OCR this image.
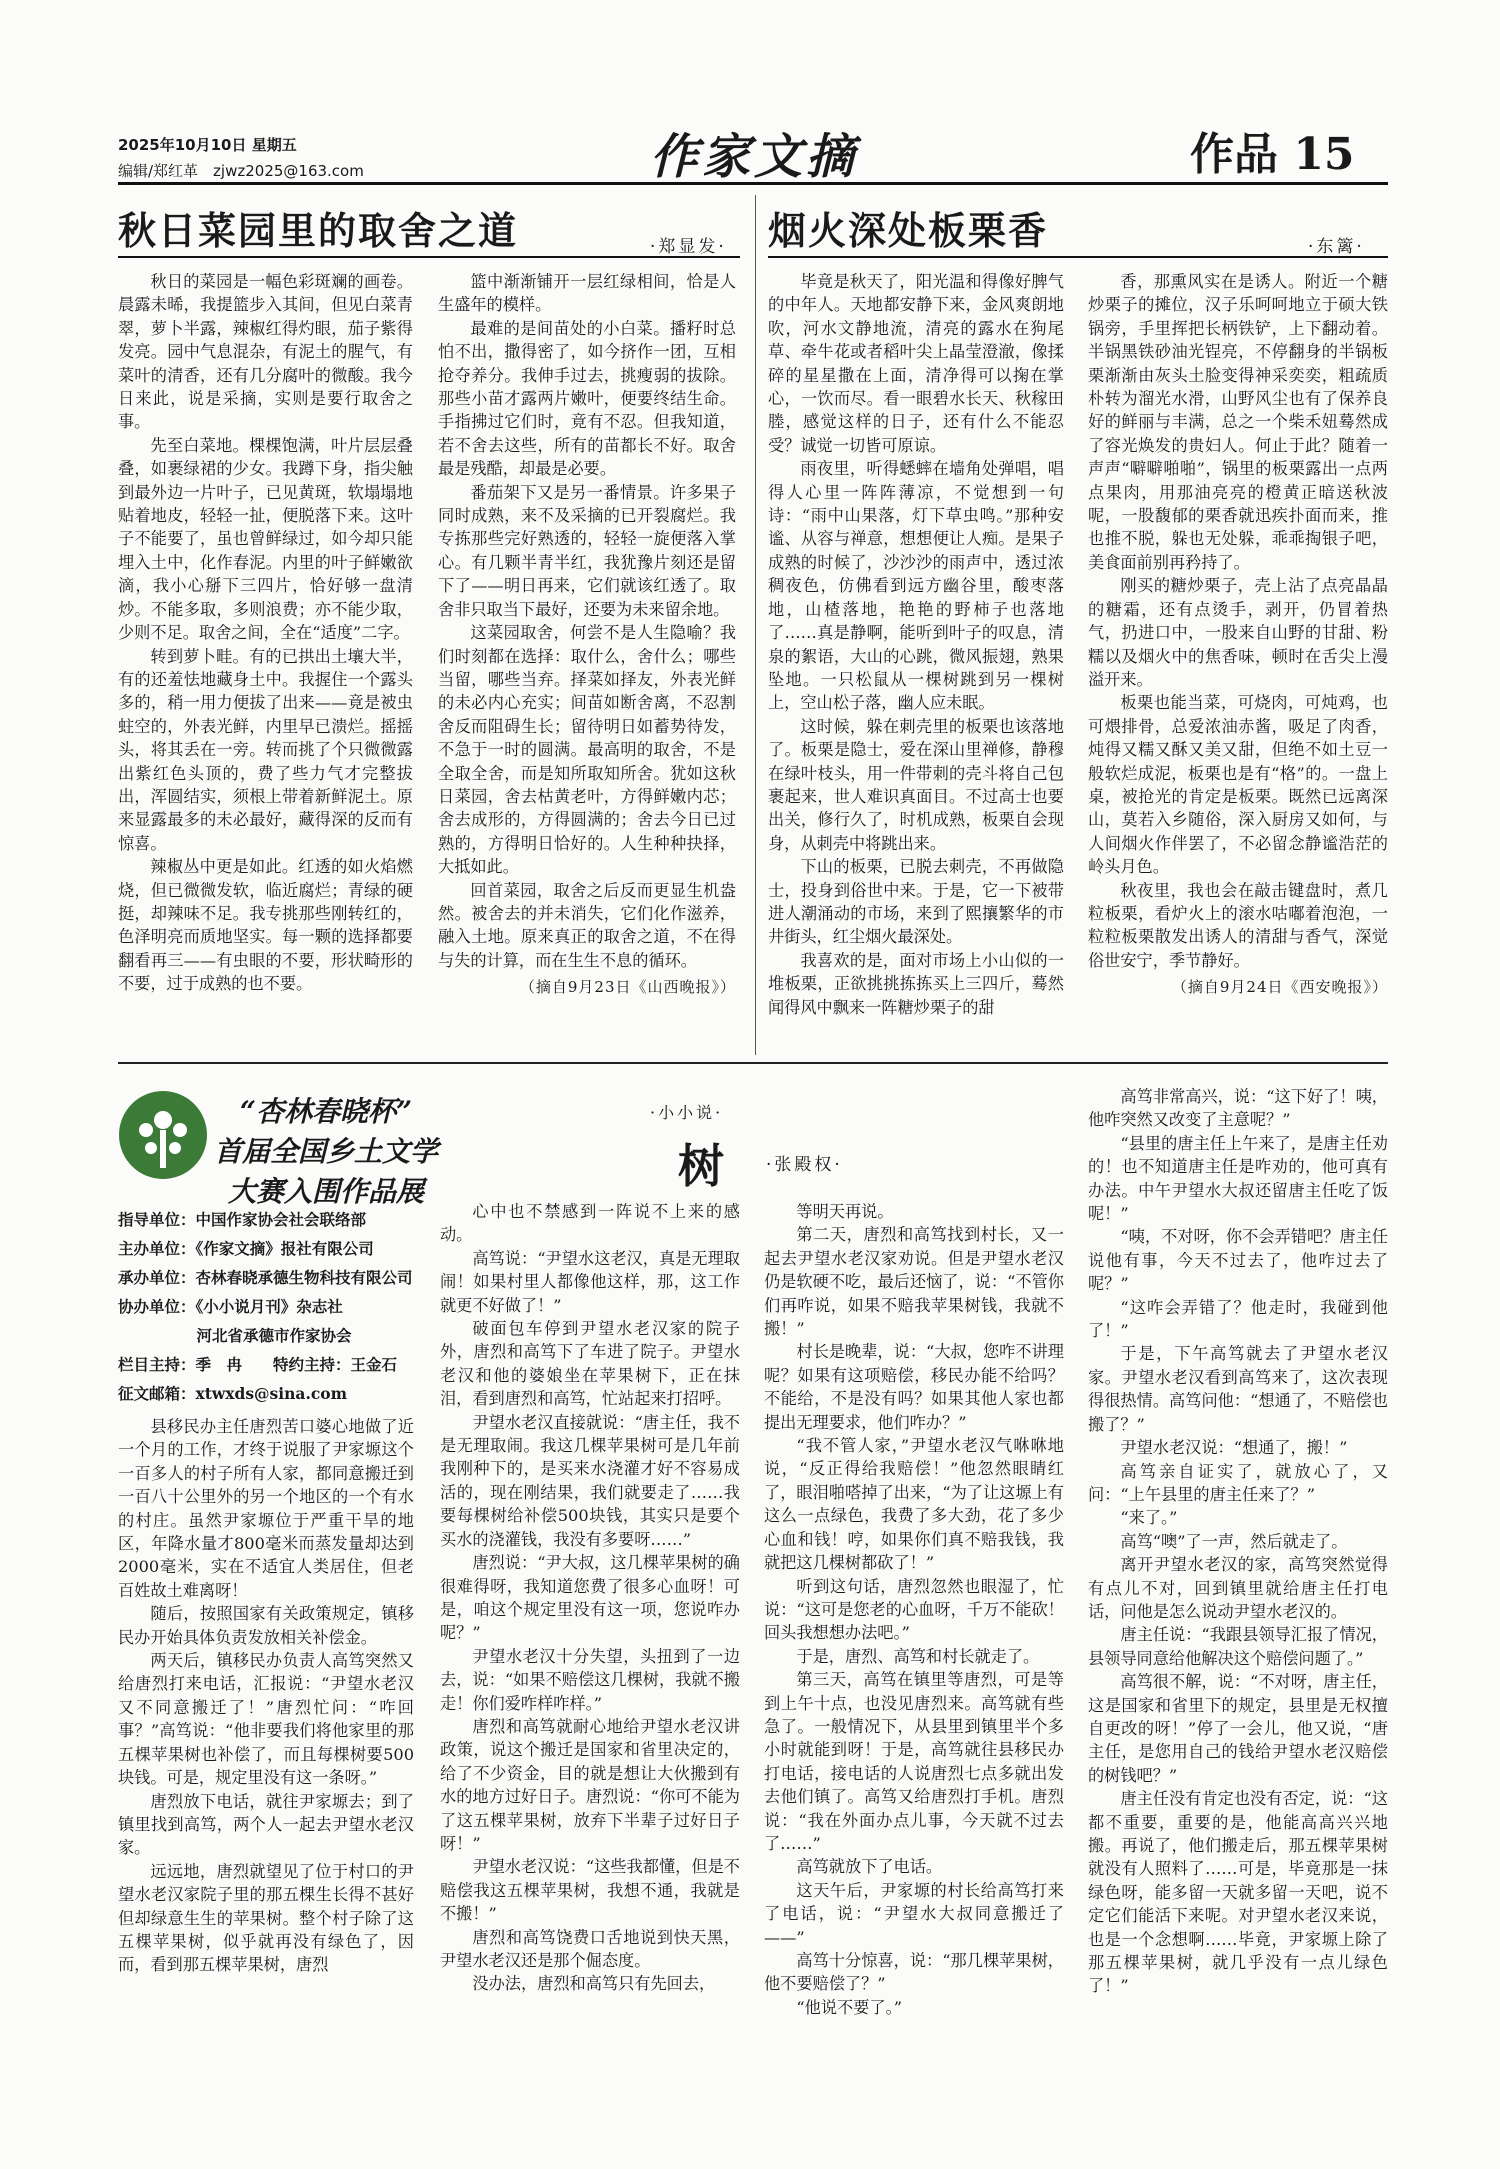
2025年10月10日 星期五
编辑/郑红革　zjwz2025@163.com	作家文摘	作品 15
秋日菜园里的取舍之道	·郑显发·

秋日的菜园是一幅色彩斑斓的画卷。晨露未晞，我提篮步入其间，但见白菜青翠，萝卜半露，辣椒红得灼眼，茄子紫得发亮。园中气息混杂，有泥土的腥气，有菜叶的清香，还有几分腐叶的微酸。我今日来此，说是采摘，实则是要行取舍之事。

先至白菜地。棵棵饱满，叶片层层叠叠，如裹绿裙的少女。我蹲下身，指尖触到最外边一片叶子，已见黄斑，软塌塌地贴着地皮，轻轻一扯，便脱落下来。这叶子不能要了，虽也曾鲜绿过，如今却只能埋入土中，化作春泥。内里的叶子鲜嫩欲滴，我小心掰下三四片，恰好够一盘清炒。不能多取，多则浪费；亦不能少取，少则不足。取舍之间，全在“适度”二字。

转到萝卜畦。有的已拱出土壤大半，有的还羞怯地藏身土中。我握住一个露头多的，稍一用力便拔了出来——竟是被虫蛀空的，外表光鲜，内里早已溃烂。摇摇头，将其丢在一旁。转而挑了个只微微露出紫红色头顶的，费了些力气才完整拔出，浑圆结实，须根上带着新鲜泥土。原来显露最多的未必最好，藏得深的反而有惊喜。

辣椒丛中更是如此。红透的如火焰燃烧，但已微微发软，临近腐烂；青绿的硬挺，却辣味不足。我专挑那些刚转红的，色泽明亮而质地坚实。每一颗的选择都要翻看再三——有虫眼的不要，形状畸形的不要，过于成熟的也不要。

篮中渐渐铺开一层红绿相间，恰是人生盛年的模样。

最难的是间苗处的小白菜。播籽时总怕不出，撒得密了，如今挤作一团，互相抢夺养分。我伸手过去，挑瘦弱的拔除。那些小苗才露两片嫩叶，便要终结生命。手指拂过它们时，竟有不忍。但我知道，若不舍去这些，所有的苗都长不好。取舍最是残酷，却最是必要。

番茄架下又是另一番情景。许多果子同时成熟，来不及采摘的已开裂腐烂。我专拣那些完好熟透的，轻轻一旋便落入掌心。有几颗半青半红，我犹豫片刻还是留下了——明日再来，它们就该红透了。取舍非只取当下最好，还要为未来留余地。

这菜园取舍，何尝不是人生隐喻？我们时刻都在选择：取什么，舍什么；哪些当留，哪些当弃。择菜如择友，外表光鲜的未必内心充实；间苗如断舍离，不忍割舍反而阻碍生长；留待明日如蓄势待发，不急于一时的圆满。最高明的取舍，不是全取全舍，而是知所取知所舍。犹如这秋日菜园，舍去枯黄老叶，方得鲜嫩内芯；舍去成形的，方得圆满的；舍去今日已过熟的，方得明日恰好的。人生种种抉择，大抵如此。

回首菜园，取舍之后反而更显生机盎然。被舍去的并未消失，它们化作滋养，融入土地。原来真正的取舍之道，不在得与失的计算，而在生生不息的循环。

（摘自9月23日《山西晚报》）
烟火深处板栗香	·东篱·

毕竟是秋天了，阳光温和得像好脾气的中年人。天地都安静下来，金风爽朗地吹，河水文静地流，清亮的露水在狗尾草、牵牛花或者稻叶尖上晶莹澄澈，像揉碎的星星撒在上面，清净得可以掬在掌心，一饮而尽。看一眼碧水长天、秋稼田塍，感觉这样的日子，还有什么不能忍受？诚觉一切皆可原谅。

雨夜里，听得蟋蟀在墙角处弹唱，唱得人心里一阵阵薄凉，不觉想到一句诗：“雨中山果落，灯下草虫鸣。”那种安谧、从容与禅意，想想便让人痴。是果子成熟的时候了，沙沙沙的雨声中，透过浓稠夜色，仿佛看到远方幽谷里，酸枣落地，山楂落地，艳艳的野柿子也落地了……真是静啊，能听到叶子的叹息，清泉的絮语，大山的心跳，微风振翅，熟果坠地。一只松鼠从一棵树跳到另一棵树上，空山松子落，幽人应未眠。

这时候，躲在刺壳里的板栗也该落地了。板栗是隐士，爱在深山里禅修，静穆在绿叶枝头，用一件带刺的壳斗将自己包裹起来，世人难识真面目。不过高士也要出关，修行久了，时机成熟，板栗自会现身，从刺壳中将跳出来。

下山的板栗，已脱去刺壳，不再做隐士，投身到俗世中来。于是，它一下被带进人潮涌动的市场，来到了熙攘繁华的市井街头，红尘烟火最深处。

我喜欢的是，面对市场上小山似的一堆板栗，正欲挑挑拣拣买上三四斤，蓦然闻得风中飘来一阵糖炒栗子的甜

香，那熏风实在是诱人。附近一个糖炒栗子的摊位，汉子乐呵呵地立于硕大铁锅旁，手里挥把长柄铁铲，上下翻动着。半锅黑铁砂油光锃亮，不停翻身的半锅板栗渐渐由灰头土脸变得神采奕奕，粗疏质朴转为溜光水滑，山野风尘也有了保养良好的鲜丽与丰满，总之一个柴禾妞蓦然成了容光焕发的贵妇人。何止于此？随着一声声“噼噼啪啪”，锅里的板栗露出一点两点果肉，用那油亮亮的橙黄正暗送秋波呢，一股馥郁的栗香就迅疾扑面而来，推也推不脱，躲也无处躲，乖乖掏银子吧，美食面前别再矜持了。

刚买的糖炒栗子，壳上沾了点亮晶晶的糖霜，还有点烫手，剥开，仍冒着热气，扔进口中，一股来自山野的甘甜、粉糯以及烟火中的焦香味，顿时在舌尖上漫溢开来。

板栗也能当菜，可烧肉，可炖鸡，也可煨排骨，总爱浓油赤酱，吸足了肉香，炖得又糯又酥又美又甜，但绝不如土豆一般软烂成泥，板栗也是有“格”的。一盘上桌，被抢光的肯定是板栗。既然已远离深山，莫若入乡随俗，深入厨房又如何，与人间烟火作伴罢了，不必留念静谧浩茫的岭头月色。

秋夜里，我也会在敲击键盘时，煮几粒板栗，看炉火上的滚水咕嘟着泡泡，一粒粒板栗散发出诱人的清甜与香气，深觉俗世安宁，季节静好。

（摘自9月24日《西安晚报》）
“杏林春晓杯”
首届全国乡土文学
大赛入围作品展
指导单位：中国作家协会社会联络部
主办单位：《作家文摘》报社有限公司
承办单位：杏林春晓承德生物科技有限公司
协办单位：《小小说月刊》杂志社
河北省承德市作家协会
栏目主持：季　冉　　特约主持：王金石
征文邮箱：xtwxds@sina.com
·小小说·
树 ·张殿权·

县移民办主任唐烈苦口婆心地做了近一个月的工作，才终于说服了尹家塬这个一百多人的村子所有人家，都同意搬迁到一百八十公里外的另一个地区的一个有水的村庄。虽然尹家塬位于严重干旱的地区，年降水量才800毫米而蒸发量却达到2000毫米，实在不适宜人类居住，但老百姓故土难离呀！

随后，按照国家有关政策规定，镇移民办开始具体负责发放相关补偿金。

两天后，镇移民办负责人高笃突然又给唐烈打来电话，汇报说：“尹望水老汉又不同意搬迁了！”唐烈忙问：“咋回事？”高笃说：“他非要我们将他家里的那五棵苹果树也补偿了，而且每棵树要500块钱。可是，规定里没有这一条呀。”

唐烈放下电话，就往尹家塬去；到了镇里找到高笃，两个人一起去尹望水老汉家。

远远地，唐烈就望见了位于村口的尹望水老汉家院子里的那五棵生长得不甚好但却绿意生生的苹果树。整个村子除了这五棵苹果树，似乎就再没有绿色了，因而，看到那五棵苹果树，唐烈

心中也不禁感到一阵说不上来的感动。

高笃说：“尹望水这老汉，真是无理取闹！如果村里人都像他这样，那，这工作就更不好做了！”

破面包车停到尹望水老汉家的院子外，唐烈和高笃下了车进了院子。尹望水老汉和他的婆娘坐在苹果树下，正在抹泪，看到唐烈和高笃，忙站起来打招呼。

尹望水老汉直接就说：“唐主任，我不是无理取闹。我这几棵苹果树可是几年前我刚种下的，是买来水浇灌才好不容易成活的，现在刚结果，我们就要走了……我要每棵树给补偿500块钱，其实只是要个买水的浇灌钱，我没有多要呀……”

唐烈说：“尹大叔，这几棵苹果树的确很难得呀，我知道您费了很多心血呀！可是，咱这个规定里没有这一项，您说咋办呢？”

尹望水老汉十分失望，头扭到了一边去，说：“如果不赔偿这几棵树，我就不搬走！你们爱咋样咋样。”

唐烈和高笃就耐心地给尹望水老汉讲政策，说这个搬迁是国家和省里决定的，给了不少资金，目的就是想让大伙搬到有水的地方过好日子。唐烈说：“你可不能为了这五棵苹果树，放弃下半辈子过好日子呀！”

尹望水老汉说：“这些我都懂，但是不赔偿我这五棵苹果树，我想不通，我就是不搬！”

唐烈和高笃饶费口舌地说到快天黑，尹望水老汉还是那个倔态度。

没办法，唐烈和高笃只有先回去，

等明天再说。

第二天，唐烈和高笃找到村长，又一起去尹望水老汉家劝说。但是尹望水老汉仍是软硬不吃，最后还恼了，说：“不管你们再咋说，如果不赔我苹果树钱，我就不搬！”

村长是晚辈，说：“大叔，您咋不讲理呢？如果有这项赔偿，移民办能不给吗？不能给，不是没有吗？如果其他人家也都提出无理要求，他们咋办？”

“我不管人家，”尹望水老汉气咻咻地说，“反正得给我赔偿！”他忽然眼睛红了，眼泪啪嗒掉了出来，“为了让这塬上有这么一点绿色，我费了多大劲，花了多少心血和钱！哼，如果你们真不赔我钱，我就把这几棵树都砍了！”

听到这句话，唐烈忽然也眼湿了，忙说：“这可是您老的心血呀，千万不能砍！回头我想想办法吧。”

于是，唐烈、高笃和村长就走了。

第三天，高笃在镇里等唐烈，可是等到上午十点，也没见唐烈来。高笃就有些急了。一般情况下，从县里到镇里半个多小时就能到呀！于是，高笃就往县移民办打电话，接电话的人说唐烈七点多就出发去他们镇了。高笃又给唐烈打手机。唐烈说：“我在外面办点儿事，今天就不过去了……”

高笃就放下了电话。

这天午后，尹家塬的村长给高笃打来了电话，说：“尹望水大叔同意搬迁了——”

高笃十分惊喜，说：“那几棵苹果树，他不要赔偿了？”

“他说不要了。”

高笃非常高兴，说：“这下好了！咦，他咋突然又改变了主意呢？”

“县里的唐主任上午来了，是唐主任劝的！也不知道唐主任是咋劝的，他可真有办法。中午尹望水大叔还留唐主任吃了饭呢！”

“咦，不对呀，你不会弄错吧？唐主任说他有事，今天不过去了，他咋过去了呢？”

“这咋会弄错了？他走时，我碰到他了！”

于是，下午高笃就去了尹望水老汉家。尹望水老汉看到高笃来了，这次表现得很热情。高笃问他：“想通了，不赔偿也搬了？”

尹望水老汉说：“想通了，搬！”

高笃亲自证实了，就放心了，又问：“上午县里的唐主任来了？”

“来了。”

高笃“噢”了一声，然后就走了。

离开尹望水老汉的家，高笃突然觉得有点儿不对，回到镇里就给唐主任打电话，问他是怎么说动尹望水老汉的。

唐主任说：“我跟县领导汇报了情况，县领导同意给他解决这个赔偿问题了。”

高笃很不解，说：“不对呀，唐主任，这是国家和省里下的规定，县里是无权擅自更改的呀！”停了一会儿，他又说，“唐主任，是您用自己的钱给尹望水老汉赔偿的树钱吧？”

唐主任没有肯定也没有否定，说：“这都不重要，重要的是，他能高高兴兴地搬。再说了，他们搬走后，那五棵苹果树就没有人照料了……可是，毕竟那是一抹绿色呀，能多留一天就多留一天吧，说不定它们能活下来呢。对尹望水老汉来说，也是一个念想啊……毕竟，尹家塬上除了那五棵苹果树，就几乎没有一点儿绿色了！”
